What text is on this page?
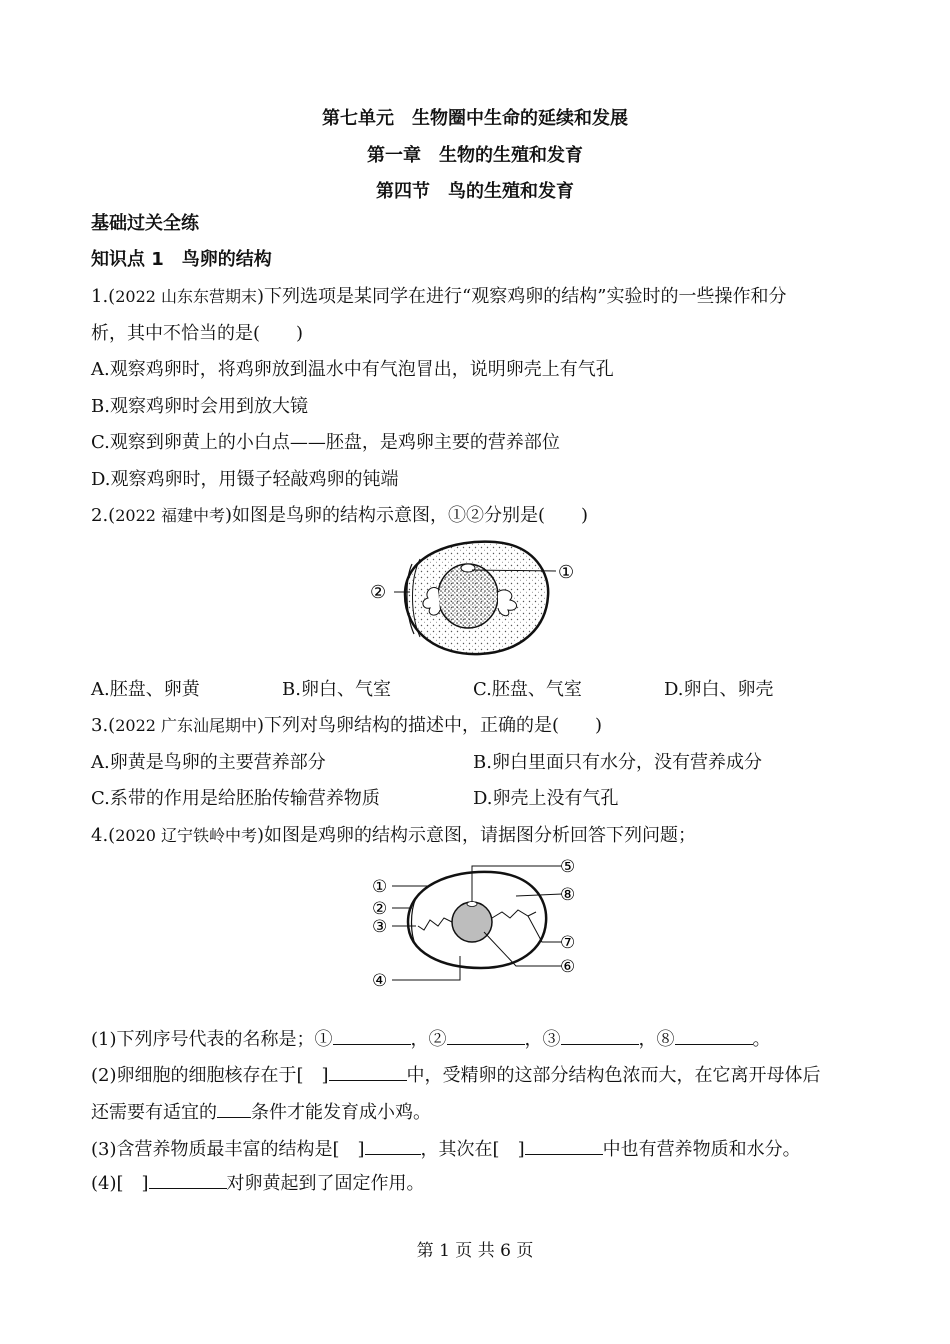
第七单元　生物圈中生命的延续和发展
第一章　生物的生殖和发育
第四节　鸟的生殖和发育
基础过关全练
知识点 1　鸟卵的结构
1.(2022 山东东营期末)下列选项是某同学在进行“观察鸡卵的结构”实验时的一些操作和分
析，其中不恰当的是(　　)
A.观察鸡卵时，将鸡卵放到温水中有气泡冒出，说明卵壳上有气孔
B.观察鸡卵时会用到放大镜
C.观察到卵黄上的小白点——胚盘，是鸡卵主要的营养部位
D.观察鸡卵时，用镊子轻敲鸡卵的钝端
2.(2022 福建中考)如图是鸟卵的结构示意图，①②分别是(　　)
①
②
A.胚盘、卵黄	B.卵白、气室	C.胚盘、气室	D.卵白、卵壳
3.(2022 广东汕尾期中)下列对鸟卵结构的描述中，正确的是(　　)
A.卵黄是鸟卵的主要营养部分	B.卵白里面只有水分，没有营养成分
C.系带的作用是给胚胎传输营养物质	D.卵壳上没有气孔
4.(2020 辽宁铁岭中考)如图是鸡卵的结构示意图，请据图分析回答下列问题；
⑤
⑧
⑦
⑥
①
②
③
④
(1)下列序号代表的名称是；①	，②	，③	，⑧	。
(2)卵细胞的细胞核存在于[　]	中，受精卵的这部分结构色浓而大，在它离开母体后
还需要有适宜的 条件才能发育成小鸡。
(3)含营养物质最丰富的结构是[　]	，其次在[　]	中也有营养物质和水分。
(4)[　]	对卵黄起到了固定作用。
第 1 页 共 6 页
